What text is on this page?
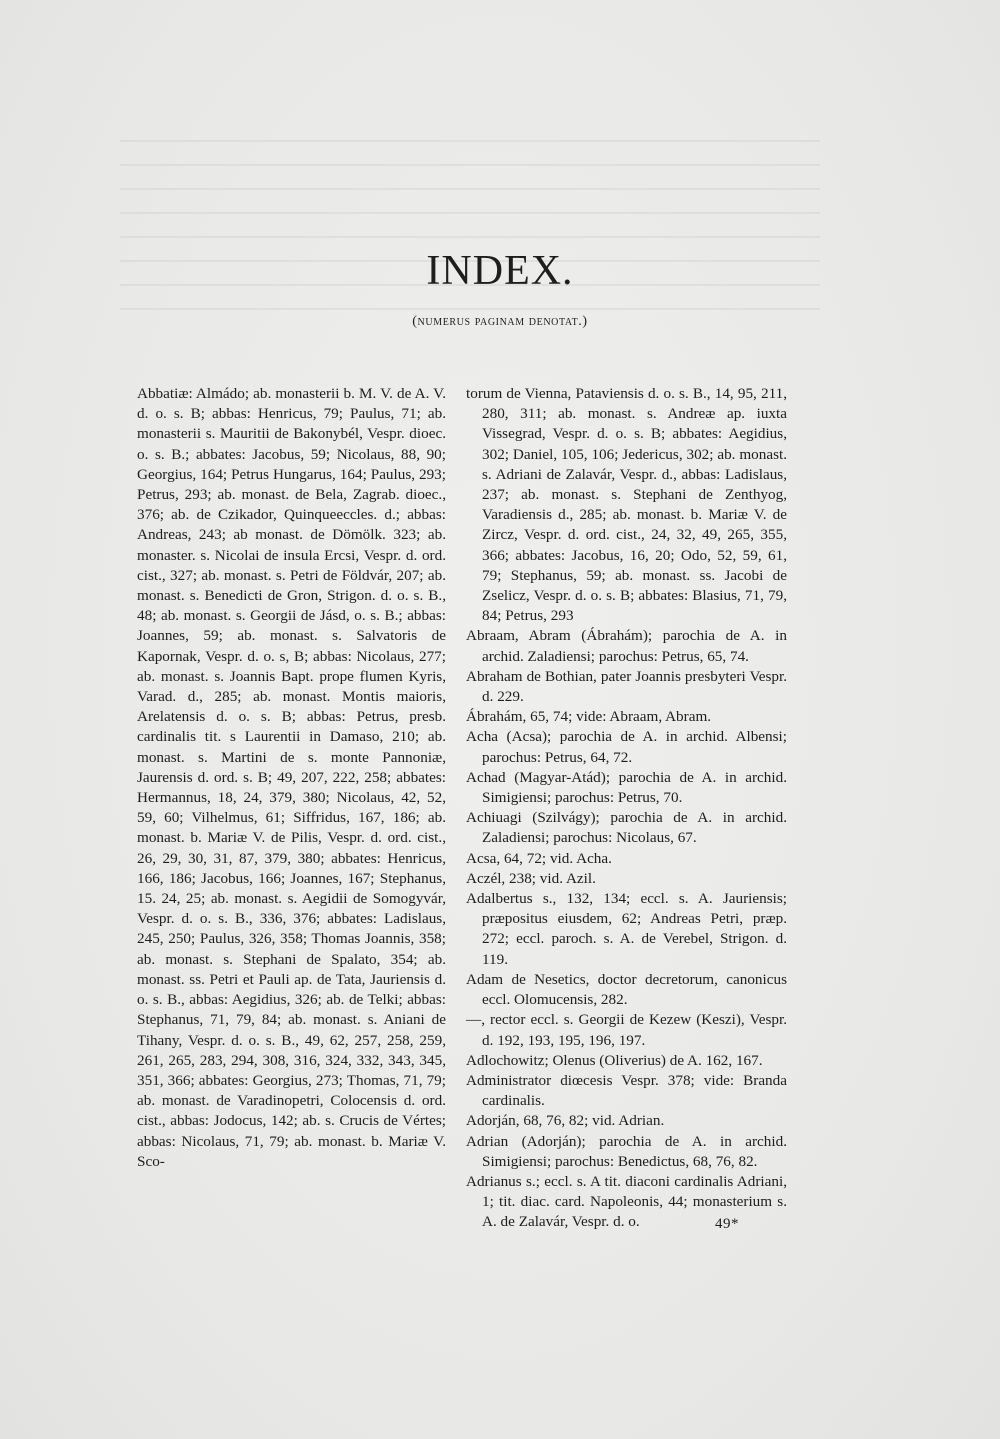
INDEX.
(numerus paginam denotat.)

Abbatiæ: Almádo; ab. monasterii b. M. V. de A. V. d. o. s. B; abbas: Henricus, 79; Paulus, 71; ab. monasterii s. Mauritii de Bakonybél, Vespr. dioec. o. s. B.; abbates: Jacobus, 59; Nicolaus, 88, 90; Georgius, 164; Petrus Hungarus, 164; Paulus, 293; Petrus, 293; ab. monast. de Bela, Zagrab. dioec., 376; ab. de Czikador, Quinqueeccles. d.; abbas: Andreas, 243; ab monast. de Dömölk. 323; ab. monaster. s. Nicolai de insula Ercsi, Vespr. d. ord. cist., 327; ab. monast. s. Petri de Földvár, 207; ab. monast. s. Benedicti de Gron, Strigon. d. o. s. B., 48; ab. monast. s. Georgii de Jásd, o. s. B.; abbas: Joannes, 59; ab. monast. s. Salvatoris de Kapornak, Vespr. d. o. s, B; abbas: Nicolaus, 277; ab. monast. s. Joannis Bapt. prope flumen Kyris, Varad. d., 285; ab. monast. Montis maioris, Arelatensis d. o. s. B; abbas: Petrus, presb. cardinalis tit. s Laurentii in Damaso, 210; ab. monast. s. Martini de s. monte Pannoniæ, Jaurensis d. ord. s. B; 49, 207, 222, 258; abbates: Hermannus, 18, 24, 379, 380; Nicolaus, 42, 52, 59, 60; Vilhelmus, 61; Siffridus, 167, 186; ab. monast. b. Mariæ V. de Pilis, Vespr. d. ord. cist., 26, 29, 30, 31, 87, 379, 380; abbates: Henricus, 166, 186; Jacobus, 166; Joannes, 167; Stephanus, 15. 24, 25; ab. monast. s. Aegidii de Somogyvár, Vespr. d. o. s. B., 336, 376; abbates: Ladislaus, 245, 250; Paulus, 326, 358; Thomas Joannis, 358; ab. monast. s. Stephani de Spalato, 354; ab. monast. ss. Petri et Pauli ap. de Tata, Jauriensis d. o. s. B., abbas: Aegidius, 326; ab. de Telki; abbas: Stephanus, 71, 79, 84; ab. monast. s. Aniani de Tihany, Vespr. d. o. s. B., 49, 62, 257, 258, 259, 261, 265, 283, 294, 308, 316, 324, 332, 343, 345, 351, 366; abbates: Georgius, 273; Thomas, 71, 79; ab. monast. de Varadinopetri, Colocensis d. ord. cist., abbas: Jodocus, 142; ab. s. Crucis de Vértes; abbas: Nicolaus, 71, 79; ab. monast. b. Mariæ V. Sco-

torum de Vienna, Pataviensis d. o. s. B., 14, 95, 211, 280, 311; ab. monast. s. Andreæ ap. iuxta Vissegrad, Vespr. d. o. s. B; abbates: Aegidius, 302; Daniel, 105, 106; Jedericus, 302; ab. monast. s. Adriani de Zalavár, Vespr. d., abbas: Ladislaus, 237; ab. monast. s. Stephani de Zenthyog, Varadiensis d., 285; ab. monast. b. Mariæ V. de Zircz, Vespr. d. ord. cist., 24, 32, 49, 265, 355, 366; abbates: Jacobus, 16, 20; Odo, 52, 59, 61, 79; Stephanus, 59; ab. monast. ss. Jacobi de Zselicz, Vespr. d. o. s. B; abbates: Blasius, 71, 79, 84; Petrus, 293

Abraam, Abram (Ábrahám); parochia de A. in archid. Zaladiensi; parochus: Petrus, 65, 74.

Abraham de Bothian, pater Joannis presbyteri Vespr. d. 229.

Ábrahám, 65, 74; vide: Abraam, Abram.

Acha (Acsa); parochia de A. in archid. Albensi; parochus: Petrus, 64, 72.

Achad (Magyar-Atád); parochia de A. in archid. Simigiensi; parochus: Petrus, 70.

Achiuagi (Szilvágy); parochia de A. in archid. Zaladiensi; parochus: Nicolaus, 67.

Acsa, 64, 72; vid. Acha.

Aczél, 238; vid. Azil.

Adalbertus s., 132, 134; eccl. s. A. Jauriensis; præpositus eiusdem, 62; Andreas Petri, præp. 272; eccl. paroch. s. A. de Verebel, Strigon. d. 119.

Adam de Nesetics, doctor decretorum, canonicus eccl. Olomucensis, 282.

—, rector eccl. s. Georgii de Kezew (Keszi), Vespr. d. 192, 193, 195, 196, 197.

Adlochowitz; Olenus (Oliverius) de A. 162, 167.

Administrator diœcesis Vespr. 378; vide: Branda cardinalis.

Adorján, 68, 76, 82; vid. Adrian.

Adrian (Adorján); parochia de A. in archid. Simigiensi; parochus: Benedictus, 68, 76, 82.

Adrianus s.; eccl. s. A tit. diaconi cardinalis Adriani, 1; tit. diac. card. Napoleonis, 44; monasterium s. A. de Zalavár, Vespr. d. o.	49*
